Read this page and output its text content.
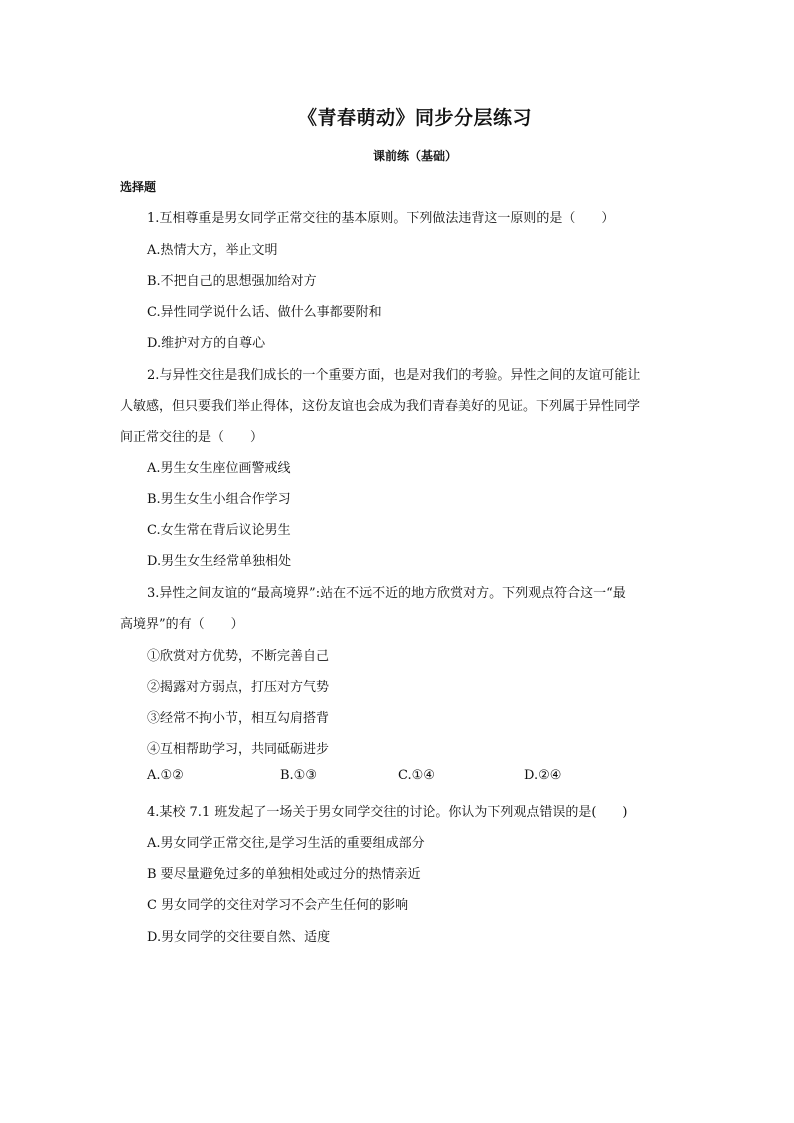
《青春萌动》同步分层练习
课前练（基础）
选择题
1.互相尊重是男女同学正常交往的基本原则。下列做法违背这一原则的是（　　）
A.热情大方，举止文明
B.不把自己的思想强加给对方
C.异性同学说什么话、做什么事都要附和
D.维护对方的自尊心
2.与异性交往是我们成长的一个重要方面，也是对我们的考验。异性之间的友谊可能让
人敏感，但只要我们举止得体，这份友谊也会成为我们青春美好的见证。下列属于异性同学
间正常交往的是（　　）
A.男生女生座位画警戒线
B.男生女生小组合作学习
C.女生常在背后议论男生
D.男生女生经常单独相处
3.异性之间友谊的“最高境界”:站在不远不近的地方欣赏对方。下列观点符合这一“最
高境界”的有（　　）
①欣赏对方优势，不断完善自己
②揭露对方弱点，打压对方气势
③经常不拘小节，相互勾肩搭背
④互相帮助学习，共同砥砺进步
A.①②	B.①③	C.①④	D.②④
4.某校 7.1 班发起了一场关于男女同学交往的讨论。你认为下列观点错误的是(　　)
A.男女同学正常交往,是学习生活的重要组成部分
B 要尽量避免过多的单独相处或过分的热情亲近
C 男女同学的交往对学习不会产生任何的影响
D.男女同学的交往要自然、适度
